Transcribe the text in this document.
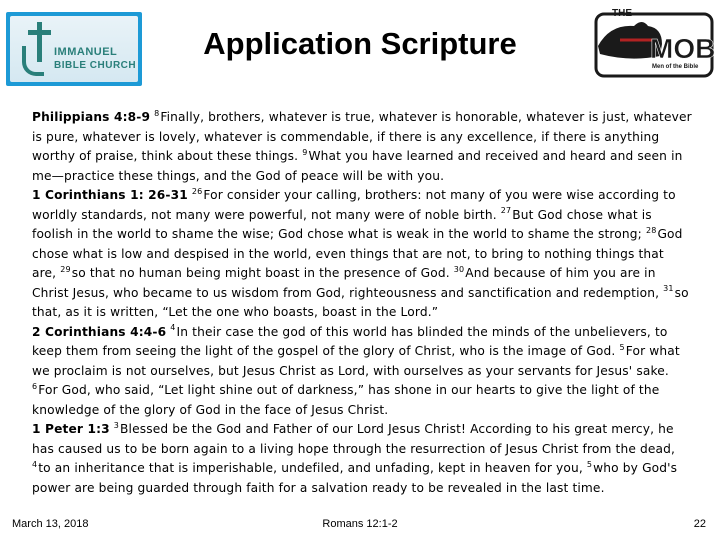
IMMANUEL
BIBLE CHURCH
Application Scripture
THE
MOB
Men of the Bible

Philippians 4:8-9 $^8$Finally, brothers, whatever is true, whatever is honorable, whatever is just, whatever is pure, whatever is lovely, whatever is commendable, if there is any excellence, if there is anything worthy of praise, think about these things. $^9$What you have learned and received and heard and seen in me—practice these things, and the God of peace will be with you.

1 Corinthians 1: 26-31 $^{26}$For consider your calling, brothers: not many of you were wise according to worldly standards, not many were powerful, not many were of noble birth. $^{27}$But God chose what is foolish in the world to shame the wise; God chose what is weak in the world to shame the strong; $^{28}$God chose what is low and despised in the world, even things that are not, to bring to nothing things that are, $^{29}$so that no human being might boast in the presence of God. $^{30}$And because of him you are in Christ Jesus, who became to us wisdom from God, righteousness and sanctification and redemption, $^{31}$so that, as it is written, “Let the one who boasts, boast in the Lord.”

2 Corinthians 4:4-6 $^4$In their case the god of this world has blinded the minds of the unbelievers, to keep them from seeing the light of the gospel of the glory of Christ, who is the image of God. $^5$For what we proclaim is not ourselves, but Jesus Christ as Lord, with ourselves as your servants for Jesus' sake. $^6$For God, who said, “Let light shine out of darkness,” has shone in our hearts to give the light of the knowledge of the glory of God in the face of Jesus Christ.

1 Peter 1:3 $^3$Blessed be the God and Father of our Lord Jesus Christ! According to his great mercy, he has caused us to be born again to a living hope through the resurrection of Jesus Christ from the dead, $^4$to an inheritance that is imperishable, undefiled, and unfading, kept in heaven for you, $^5$who by God's power are being guarded through faith for a salvation ready to be revealed in the last time.

March 13, 2018	Romans 12:1-2	22
